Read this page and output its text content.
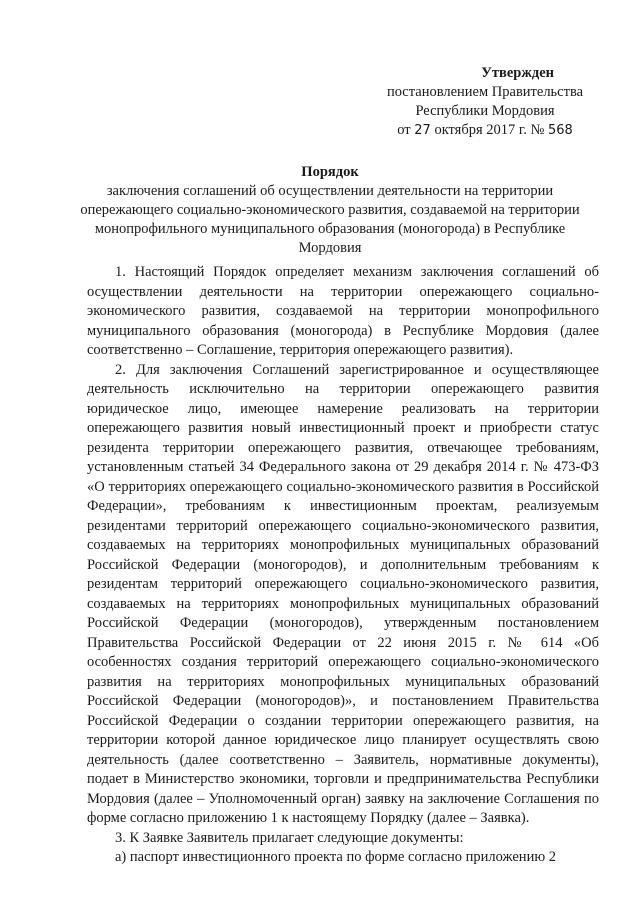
Утвержден
постановлением Правительства
Республики Мордовия
от 27 октября 2017 г. № 568
Порядок
заключения соглашений об осуществлении деятельности на территории опережающего социально-экономического развития, создаваемой на территории монопрофильного муниципального образования (моногорода) в Республике Мордовия

1. Настоящий Порядок определяет механизм заключения соглашений об осуществлении деятельности на территории опережающего социально-экономического развития, создаваемой на территории монопрофильного муниципального образования (моногорода) в Республике Мордовия (далее соответственно – Соглашение, территория опережающего развития).

2. Для заключения Соглашений зарегистрированное и осуществляющее деятельность исключительно на территории опережающего развития юридическое лицо, имеющее намерение реализовать на территории опережающего развития новый инвестиционный проект и приобрести статус резидента территории опережающего развития, отвечающее требованиям, установленным статьей 34 Федерального закона от 29 декабря 2014 г. № 473-ФЗ «О территориях опережающего социально-экономического развития в Российской Федерации», требованиям к инвестиционным проектам, реализуемым резидентами территорий опережающего социально-экономического развития, создаваемых на территориях монопрофильных муниципальных образований Российской Федерации (моногородов), и дополнительным требованиям к резидентам территорий опережающего социально-экономического развития, создаваемых на территориях монопрофильных муниципальных образований Российской Федерации (моногородов), утвержденным постановлением Правительства Российской Федерации от 22 июня 2015 г. № 614 «Об особенностях создания территорий опережающего социально-экономического развития на территориях монопрофильных муниципальных образований Российской Федерации (моногородов)», и постановлением Правительства Российской Федерации о создании территории опережающего развития, на территории которой данное юридическое лицо планирует осуществлять свою деятельность (далее соответственно – Заявитель, нормативные документы), подает в Министерство экономики, торговли и предпринимательства Республики Мордовия (далее – Уполномоченный орган) заявку на заключение Соглашения по форме согласно приложению 1 к настоящему Порядку (далее – Заявка).

3. К Заявке Заявитель прилагает следующие документы:

а) паспорт инвестиционного проекта по форме согласно приложению 2
